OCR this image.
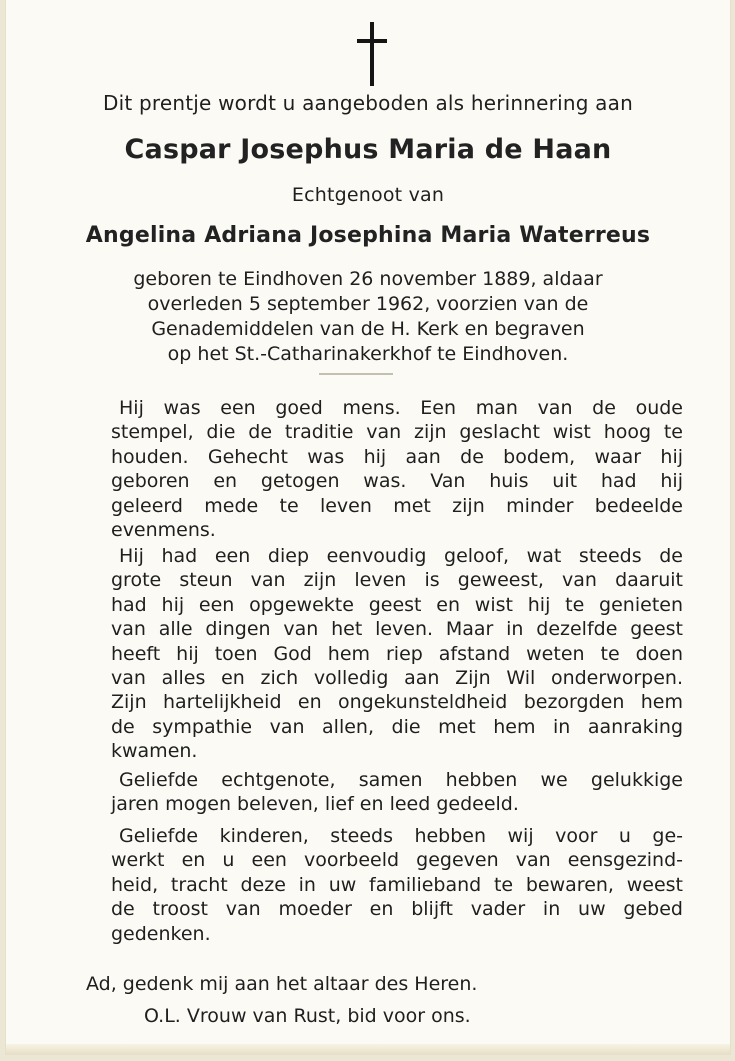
Dit prentje wordt u aangeboden als herinnering aan

Caspar Josephus Maria de Haan

Echtgenoot van

Angelina Adriana Josephina Maria Waterreus

geboren te Eindhoven 26 november 1889, aldaar
overleden 5 september 1962, voorzien van de
Genademiddelen van de H. Kerk en begraven
op het St.-Catharinakerkhof te Eindhoven.
Hij was een goed mens. Een man van de oude
stempel, die de traditie van zijn geslacht wist hoog te
houden. Gehecht was hij aan de bodem, waar hij
geboren en getogen was. Van huis uit had hij
geleerd mede te leven met zijn minder bedeelde
evenmens.
Hij had een diep eenvoudig geloof, wat steeds de
grote steun van zijn leven is geweest, van daaruit
had hij een opgewekte geest en wist hij te genieten
van alle dingen van het leven. Maar in dezelfde geest
heeft hij toen God hem riep afstand weten te doen
van alles en zich volledig aan Zijn Wil onderworpen.
Zijn hartelijkheid en ongekunsteldheid bezorgden hem
de sympathie van allen, die met hem in aanraking
kwamen.
Geliefde echtgenote, samen hebben we gelukkige
jaren mogen beleven, lief en leed gedeeld.
Geliefde kinderen, steeds hebben wij voor u ge-
werkt en u een voorbeeld gegeven van eensgezind-
heid, tracht deze in uw familieband te bewaren, weest
de troost van moeder en blijft vader in uw gebed
gedenken.

Ad, gedenk mij aan het altaar des Heren.

O.L. Vrouw van Rust, bid voor ons.
